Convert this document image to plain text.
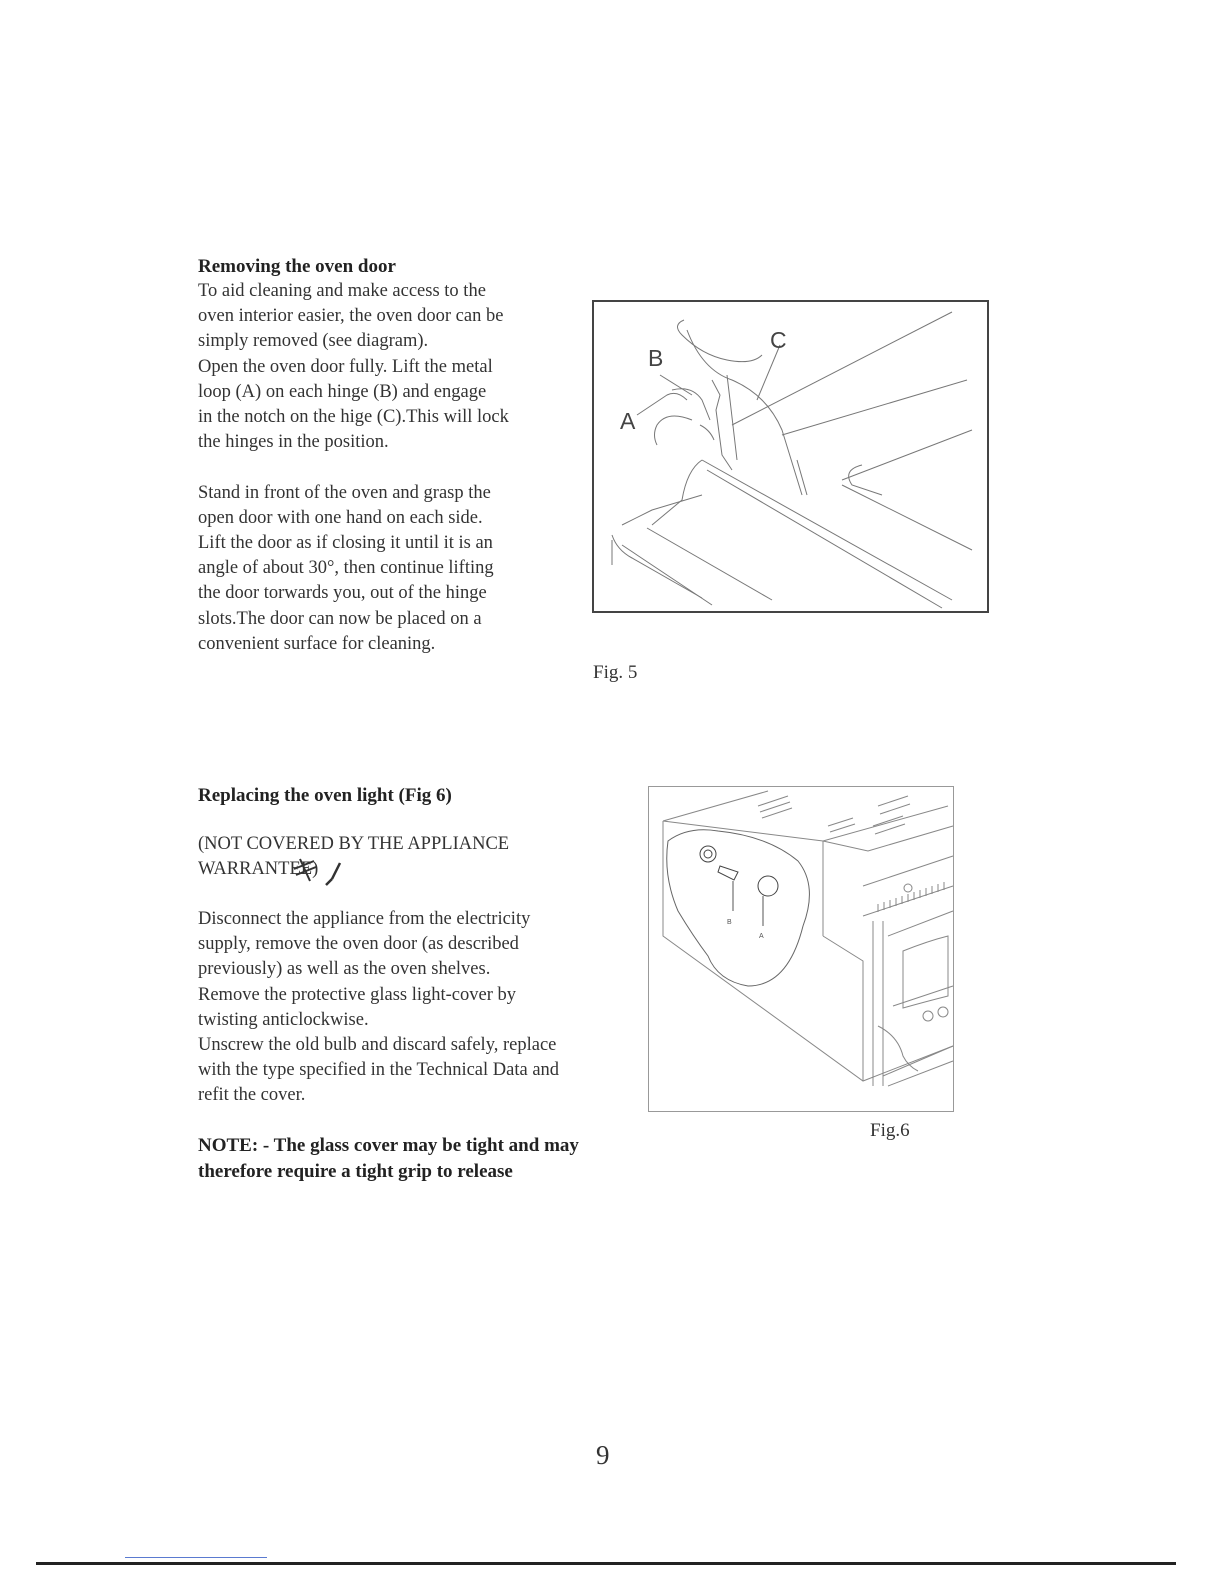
Removing the oven door
To aid cleaning and make access to the
oven interior easier, the oven door can be
simply removed (see diagram).
Open the oven door fully. Lift the metal
loop (A) on each hinge (B) and engage
in the notch on the hige (C).This will lock
the hinges in the position.
Stand in front of the oven and grasp the
open door with one hand on each side.
Lift the door as if closing it until it is an
angle of about 30°, then continue lifting
the door torwards you, out of the hinge
slots.The door can now be placed on a
convenient surface for cleaning.
B
C
A
Fig. 5
Replacing the oven light (Fig 6)
(NOT COVERED BY THE APPLIANCE
WARRANTEE)
Disconnect the appliance from the electricity
supply, remove the oven door (as described
previously) as well as the oven shelves.
Remove the protective glass light-cover by
twisting anticlockwise.
Unscrew the old bulb and discard safely, replace
with the type specified in the Technical Data and
refit the cover.
NOTE: - The glass cover may be tight and may
therefore require a tight grip to release
B
A
Fig.6
9
